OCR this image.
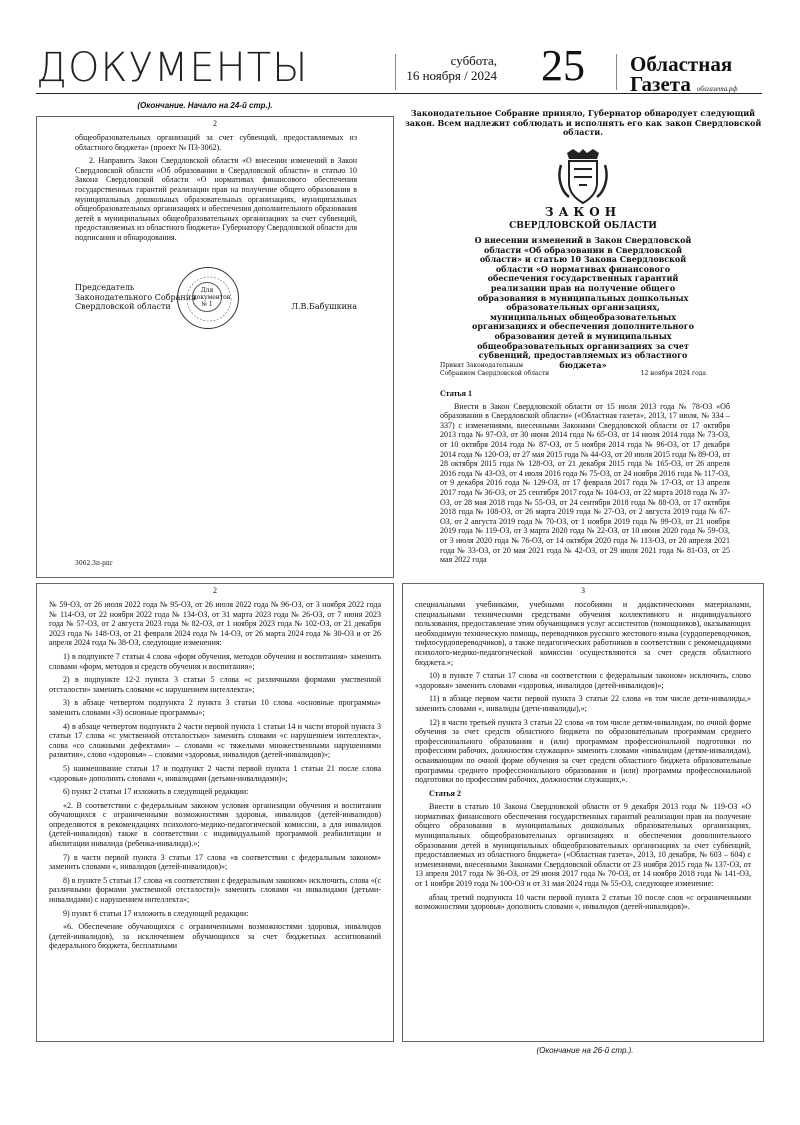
ДОКУМЕНТЫ	суббота,
16 ноября / 2024	25	Областная
Газета облгазета.рф
(Окончание. Начало на 24-й стр.).
2

общеобразовательных организаций за счет субвенций, предоставляемых из областного бюджета» (проект № ПЗ-3062).

2. Направить Закон Свердловской области «О внесении изменений в Закон Свердловской области «Об образовании в Свердловской области» и статью 10 Закона Свердловской области «О нормативах финансового обеспечения государственных гарантий реализации прав на получение общего образования в муниципальных дошкольных образовательных организациях, муниципальных общеобразовательных организациях и обеспечения дополнительного образования детей в муниципальных общеобразовательных организациях за счет субвенций, предоставляемых из областного бюджета» Губернатору Свердловской области для подписания и обнародования.

Председатель Законодательного Собрания Свердловской области	Л.В.Бабушкина
Для
документов
№ 1
3062.3п-рпг

Законодательное Собрание приняло, Губернатор обнародует следующий закон. Всем надлежит соблюдать и исполнять его как закон Свердловской области.

ЗАКОН
СВЕРДЛОВСКОЙ ОБЛАСТИ

О внесении изменений в Закон Свердловской области «Об образовании в Свердловской области» и статью 10 Закона Свердловской области «О нормативах финансового обеспечения государственных гарантий реализации прав на получение общего образования в муниципальных дошкольных образовательных организациях, муниципальных общеобразовательных организациях и обеспечения дополнительного образования детей в муниципальных общеобразовательных организациях за счет субвенций, предоставляемых из областного бюджета»

Принят Законодательным Собранием Свердловской области	12 ноября 2024 года
Статья 1

Внести в Закон Свердловской области от 15 июля 2013 года № 78-ОЗ «Об образовании в Свердловской области» («Областная газета», 2013, 17 июля, № 334 – 337) с изменениями, внесенными Законами Свердловской области от 17 октября 2013 года № 97-ОЗ, от 30 июня 2014 года № 65-ОЗ, от 14 июля 2014 года № 73-ОЗ, от 10 октября 2014 года № 87-ОЗ, от 5 ноября 2014 года № 96-ОЗ, от 17 декабря 2014 года № 120-ОЗ, от 27 мая 2015 года № 44-ОЗ, от 20 июля 2015 года № 89-ОЗ, от 28 октября 2015 года № 128-ОЗ, от 21 декабря 2015 года № 165-ОЗ, от 26 апреля 2016 года № 43-ОЗ, от 4 июля 2016 года № 75-ОЗ, от 24 ноября 2016 года № 117-ОЗ, от 9 декабря 2016 года № 129-ОЗ, от 17 февраля 2017 года № 17-ОЗ, от 13 апреля 2017 года № 36-ОЗ, от 25 сентября 2017 года № 104-ОЗ, от 22 марта 2018 года № 37-ОЗ, от 28 мая 2018 года № 55-ОЗ, от 24 сентября 2018 года № 88-ОЗ, от 17 октября 2018 года № 108-ОЗ, от 26 марта 2019 года № 27-ОЗ, от 2 августа 2019 года № 67-ОЗ, от 2 августа 2019 года № 70-ОЗ, от 1 ноября 2019 года № 99-ОЗ, от 21 ноября 2019 года № 119-ОЗ, от 3 марта 2020 года № 22-ОЗ, от 10 июня 2020 года № 59-ОЗ, от 3 июля 2020 года № 76-ОЗ, от 14 октября 2020 года № 113-ОЗ, от 20 апреля 2021 года № 33-ОЗ, от 20 мая 2021 года № 42-ОЗ, от 29 июля 2021 года № 81-ОЗ, от 25 мая 2022 года

2

№ 59-ОЗ, от 26 июля 2022 года № 95-ОЗ, от 26 июля 2022 года № 96-ОЗ, от 3 ноября 2022 года № 114-ОЗ, от 22 ноября 2022 года № 134-ОЗ, от 31 марта 2023 года № 26-ОЗ, от 7 июня 2023 года № 57-ОЗ, от 2 августа 2023 года № 82-ОЗ, от 1 ноября 2023 года № 102-ОЗ, от 21 декабря 2023 года № 148-ОЗ, от 21 февраля 2024 года № 14-ОЗ, от 26 марта 2024 года № 30-ОЗ и от 26 апреля 2024 года № 38-ОЗ, следующие изменения:

1) в подпункте 7 статьи 4 слова «форм обучения, методов обучения и воспитания» заменить словами «форм, методов и средств обучения и воспитания»;

2) в подпункте 12-2 пункта 3 статьи 5 слова «с различными формами умственной отсталости» заменить словами «с нарушением интеллекта»;

3) в абзаце четвертом подпункта 2 пункта 3 статьи 10 слова «основные программы» заменить словами «3) основные программы»;

4) в абзаце четвертом подпункта 2 части первой пункта 1 статьи 14 и части второй пункта 3 статьи 17 слова «с умственной отсталостью» заменить словами «с нарушением интеллекта», слова «со сложными дефектами» – словами «с тяжелыми множественными нарушениями развития», слово «здоровья» – словами «здоровья, инвалидов (детей-инвалидов)»;

5) наименование статьи 17 и подпункт 2 части первой пункта 1 статьи 21 после слова «здоровья» дополнить словами «, инвалидами (детьми-инвалидами)»;

6) пункт 2 статьи 17 изложить в следующей редакции:

«2. В соответствии с федеральным законом условия организации обучения и воспитания обучающихся с ограниченными возможностями здоровья, инвалидов (детей-инвалидов) определяются в рекомендациях психолого-медико-педагогической комиссии, а для инвалидов (детей-инвалидов) также в соответствии с индивидуальной программой реабилитации и абилитации инвалида (ребенка-инвалида).»;

7) в части первой пункта 3 статьи 17 слова «в соответствии с федеральным законом» заменить словами «, инвалидов (детей-инвалидов)»;

8) в пункте 5 статьи 17 слова «в соответствии с федеральным законом» исключить, слова «(с различными формами умственной отсталости)» заменить словами «и инвалидами (детьми-инвалидами) с нарушением интеллекта»;

9) пункт 6 статьи 17 изложить в следующей редакции:

«6. Обеспечение обучающихся с ограниченными возможностями здоровья, инвалидов (детей-инвалидов), за исключением обучающихся за счет бюджетных ассигнований федерального бюджета, бесплатными

3

специальными учебниками, учебными пособиями и дидактическими материалами, специальными техническими средствами обучения коллективного и индивидуального пользования, предоставление этим обучающимся услуг ассистентов (помощников), оказывающих необходимую техническую помощь, переводчиков русского жестового языка (сурдопереводчиков, тифлосурдопереводчиков), а также педагогических работников в соответствии с рекомендациями психолого-медико-педагогической комиссии осуществляются за счет средств областного бюджета.»;

10) в пункте 7 статьи 17 слова «в соответствии с федеральным законом» исключить, слово «здоровья» заменить словами «здоровья, инвалидов (детей-инвалидов)»;

11) в абзаце первом части первой пункта 3 статьи 22 слова «в том числе дети-инвалиды,» заменить словами «, инвалиды (дети-инвалиды),»;

12) в части третьей пункта 3 статьи 22 слова «в том числе детям-инвалидам, по очной форме обучения за счет средств областного бюджета по образовательным программам среднего профессионального образования и (или) программам профессиональной подготовки по профессиям рабочих, должностям служащих» заменить словами «инвалидам (детям-инвалидам), осваивающим по очной форме обучения за счет средств областного бюджета образовательные программы среднего профессионального образования и (или) программы профессиональной подготовки по профессиям рабочих, должностям служащих,».

Статья 2

Внести в статью 10 Закона Свердловской области от 9 декабря 2013 года № 119-ОЗ «О нормативах финансового обеспечения государственных гарантий реализации прав на получение общего образования в муниципальных дошкольных образовательных организациях, муниципальных общеобразовательных организациях и обеспечения дополнительного образования детей в муниципальных общеобразовательных организациях за счет субвенций, предоставляемых из областного бюджета» («Областная газета», 2013, 10 декабря, № 603 – 604) с изменениями, внесенными Законами Свердловской области от 23 ноября 2015 года № 137-ОЗ, от 13 апреля 2017 года № 36-ОЗ, от 29 июня 2017 года № 70-ОЗ, от 14 ноября 2018 года № 141-ОЗ, от 1 ноября 2019 года № 100-ОЗ и от 31 мая 2024 года № 55-ОЗ, следующее изменение:

абзац третий подпункта 10 части первой пункта 2 статьи 10 после слов «с ограниченными возможностями здоровья» дополнить словами «, инвалидов (детей-инвалидов)».

(Окончание на 26-й стр.).
